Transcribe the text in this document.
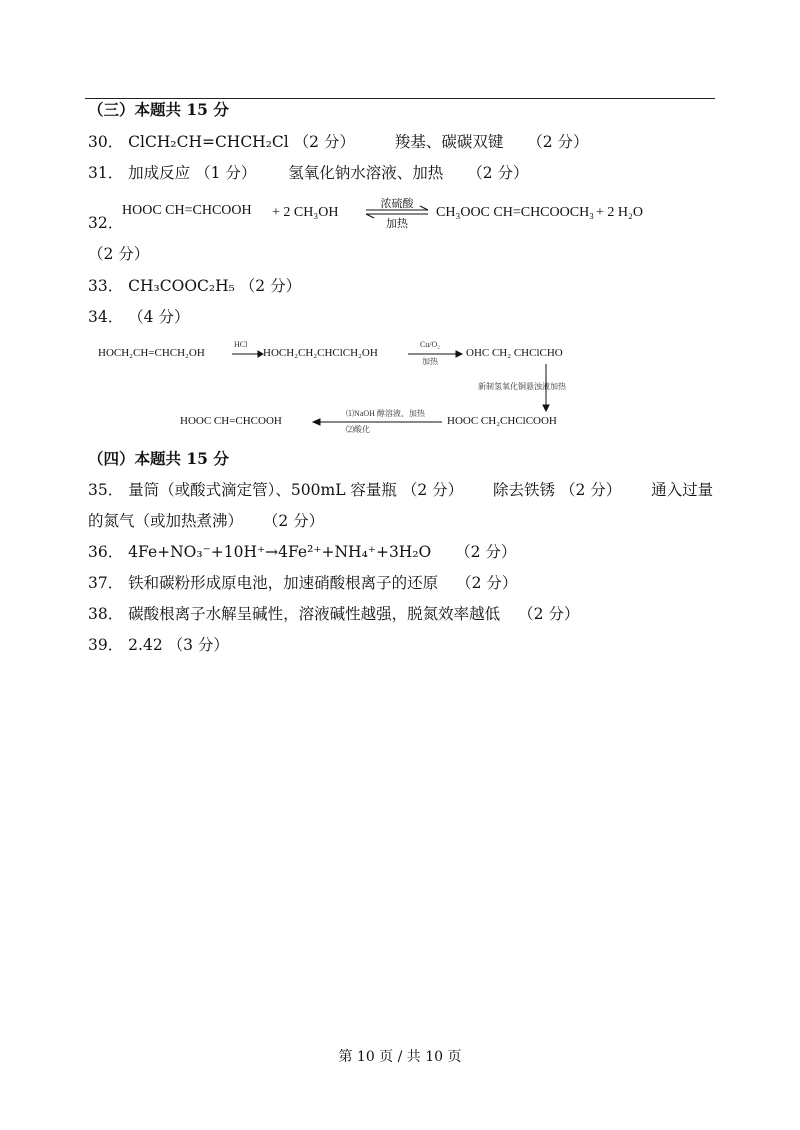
（三）本题共 15 分
30． ClCH₂CH=CHCH₂Cl （2 分）	羧基、碳碳双键 （2 分）
31． 加成反应 （1 分） 氢氧化钠水溶液、加热 （2 分）
32．
HOOC CH=CHCOOH + 2 CH₃OH
浓硫酸
加热
CH₃OOC CH=CHCOOCH₃ + 2 H₂O
（2 分）
33． CH₃COOC₂H₅ （2 分）
34． （4 分）
HOCH₂CH=CHCH₂OH
HCl
HOCH₂CH₂CHClCH₂OH
Cu/O₂
加热
OHC CH₂ CHClCHO
新制氢氧化铜悬浊液 加热
HOOC CH₂CHClCOOH
⑴NaOH 醇溶液、加热
⑵酸化
HOOC CH=CHCOOH
（四）本题共 15 分
35． 量筒（或酸式滴定管）、500mL 容量瓶 （2 分） 除去铁锈 （2 分） 通入过量
的氮气（或加热煮沸） （2 分）
36． 4Fe+NO₃⁻+10H⁺→4Fe²⁺+NH₄⁺+3H₂O （2 分）
37． 铁和碳粉形成原电池，加速硝酸根离子的还原 （2 分）
38． 碳酸根离子水解呈碱性，溶液碱性越强，脱氮效率越低 （2 分）
39． 2.42 （3 分）
第 10 页 / 共 10 页
